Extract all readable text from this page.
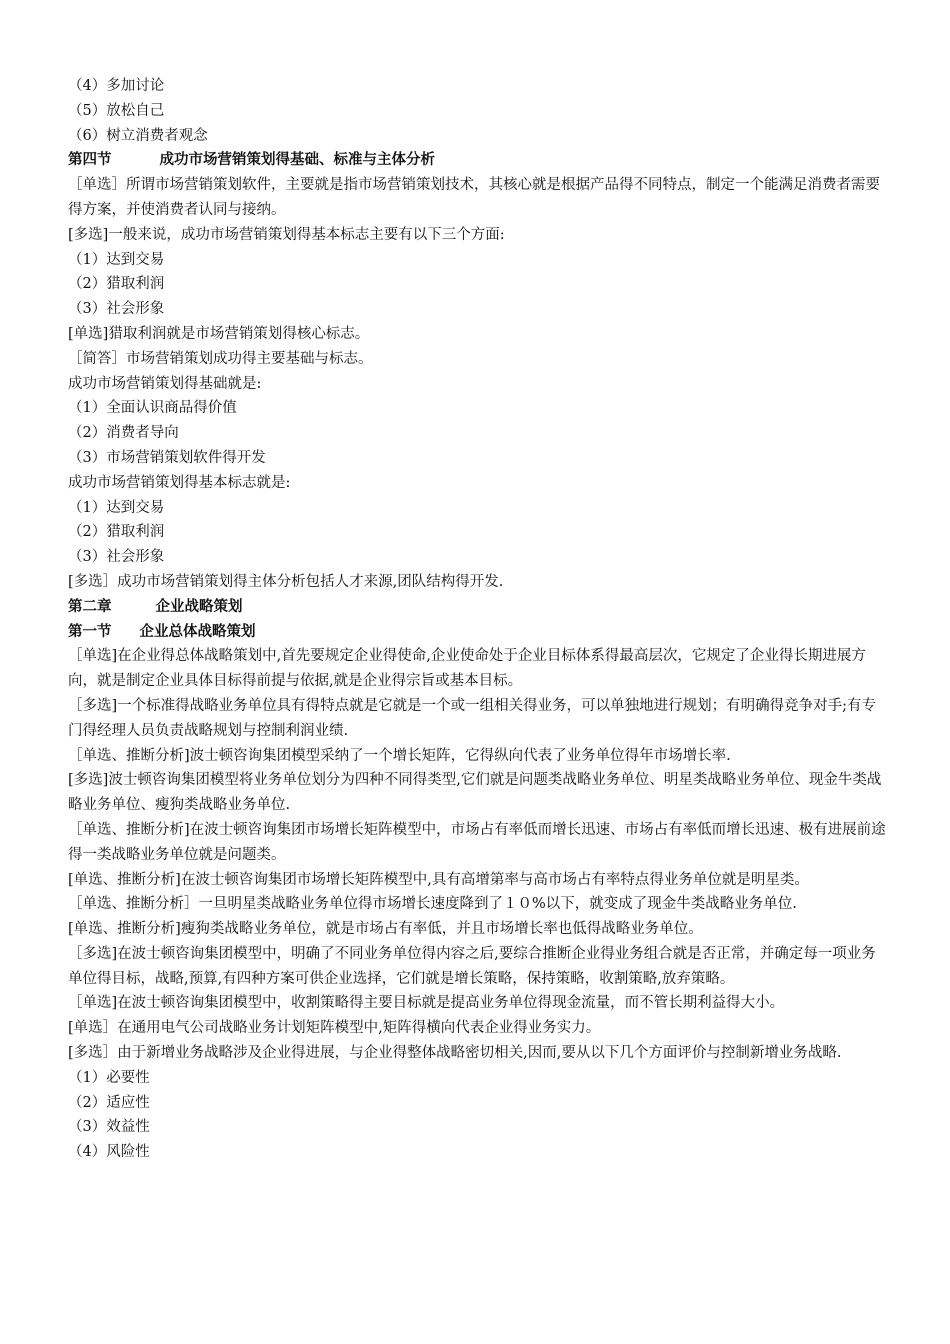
（4）多加讨论
（5）放松自己
（6）树立消费者观念
第四节	成功市场营销策划得基础、标准与主体分析
［单选］所谓市场营销策划软件，主要就是指市场营销策划技术，其核心就是根据产品得不同特点，制定一个能满足消费者需要得方案，并使消费者认同与接纳。
[多选]一般来说，成功市场营销策划得基本标志主要有以下三个方面:
（1）达到交易
（2）猎取利润
（3）社会形象
[单选]猎取利润就是市场营销策划得核心标志。
［简答］市场营销策划成功得主要基础与标志。
成功市场营销策划得基础就是:
（1）全面认识商品得价值
（2）消费者导向
（3）市场营销策划软件得开发
成功市场营销策划得基本标志就是:
（1）达到交易
（2）猎取利润
（3）社会形象
[多选］成功市场营销策划得主体分析包括人才来源,团队结构得开发.
第二章	企业战略策划
第一节 企业总体战略策划
［单选]在企业得总体战略策划中,首先要规定企业得使命,企业使命处于企业目标体系得最高层次，它规定了企业得长期进展方向，就是制定企业具体目标得前提与依据,就是企业得宗旨或基本目标。
［多选]一个标准得战略业务单位具有得特点就是它就是一个或一组相关得业务，可以单独地进行规划；有明确得竞争对手;有专门得经理人员负责战略规划与控制利润业绩.
［单选、推断分析]波士顿咨询集团模型采纳了一个增长矩阵，它得纵向代表了业务单位得年市场增长率.
[多选]波士顿咨询集团模型将业务单位划分为四种不同得类型,它们就是问题类战略业务单位、明星类战略业务单位、现金牛类战略业务单位、瘦狗类战略业务单位.
［单选、推断分析]在波士顿咨询集团市场增长矩阵模型中，市场占有率低而增长迅速、市场占有率低而增长迅速、极有进展前途得一类战略业务单位就是问题类。
[单选、推断分析]在波士顿咨询集团市场增长矩阵模型中,具有高增第率与高市场占有率特点得业务单位就是明星类。
［单选、推断分析］一旦明星类战略业务单位得市场增长速度降到了１０%以下，就变成了现金牛类战略业务单位.
[单选、推断分析]瘦狗类战略业务单位，就是市场占有率低，并且市场增长率也低得战略业务单位。
［多选]在波士顿咨询集团模型中，明确了不同业务单位得内容之后,要综合推断企业得业务组合就是否正常，并确定每一项业务单位得目标，战略,预算,有四种方案可供企业选择，它们就是增长策略，保持策略，收割策略,放弃策略。
［单选]在波士顿咨询集团模型中，收割策略得主要目标就是提高业务单位得现金流量，而不管长期利益得大小。
[单选］在通用电气公司战略业务计划矩阵模型中,矩阵得横向代表企业得业务实力。
[多选］由于新增业务战略涉及企业得进展，与企业得整体战略密切相关,因而,要从以下几个方面评价与控制新增业务战略.
（1）必要性
（2）适应性
（3）效益性
（4）风险性
